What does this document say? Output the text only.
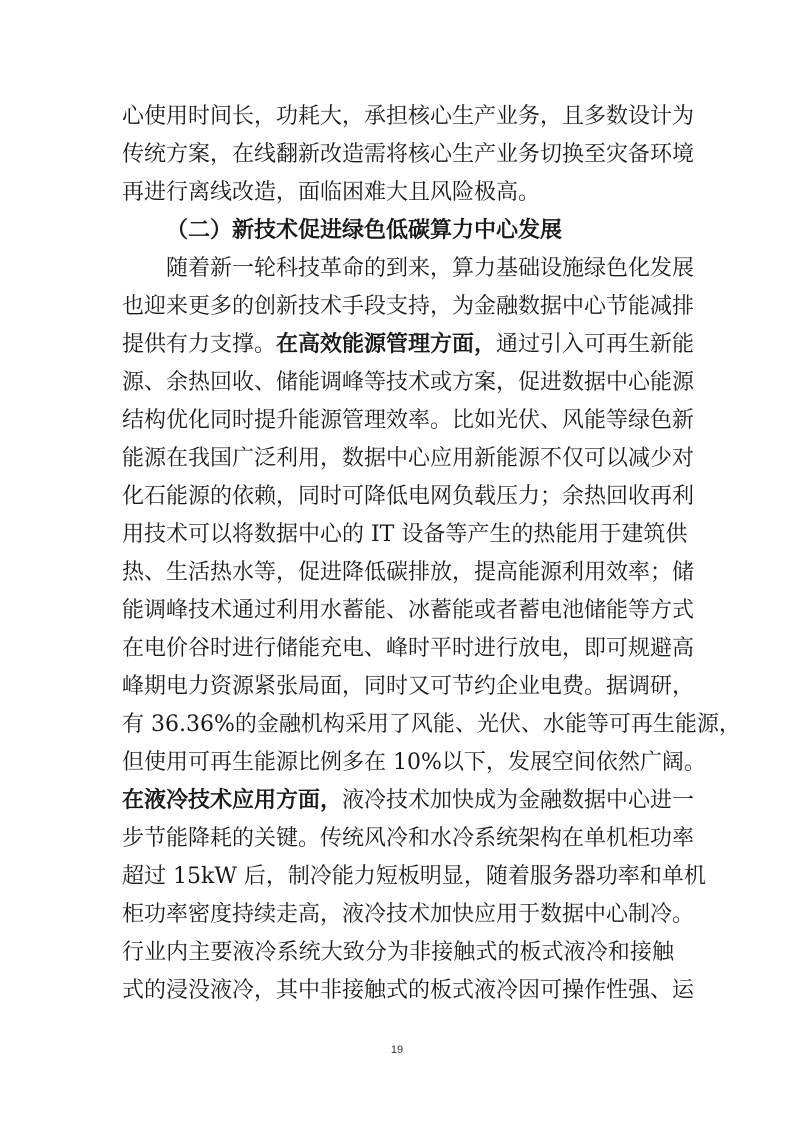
心使用时间长，功耗大，承担核心生产业务，且多数设计为
传统方案，在线翻新改造需将核心生产业务切换至灾备环境
再进行离线改造，面临困难大且风险极高。
（二）新技术促进绿色低碳算力中心发展
随着新一轮科技革命的到来，算力基础设施绿色化发展
也迎来更多的创新技术手段支持，为金融数据中心节能减排
提供有力支撑。在高效能源管理方面，通过引入可再生新能
源、余热回收、储能调峰等技术或方案，促进数据中心能源
结构优化同时提升能源管理效率。比如光伏、风能等绿色新
能源在我国广泛利用，数据中心应用新能源不仅可以减少对
化石能源的依赖，同时可降低电网负载压力；余热回收再利
用技术可以将数据中心的 IT 设备等产生的热能用于建筑供
热、生活热水等，促进降低碳排放，提高能源利用效率；储
能调峰技术通过利用水蓄能、冰蓄能或者蓄电池储能等方式
在电价谷时进行储能充电、峰时平时进行放电，即可规避高
峰期电力资源紧张局面，同时又可节约企业电费。据调研，
有 36.36%的金融机构采用了风能、光伏、水能等可再生能源，
但使用可再生能源比例多在 10%以下，发展空间依然广阔。
在液冷技术应用方面，液冷技术加快成为金融数据中心进一
步节能降耗的关键。传统风冷和水冷系统架构在单机柜功率
超过 15kW 后，制冷能力短板明显，随着服务器功率和单机
柜功率密度持续走高，液冷技术加快应用于数据中心制冷。
行业内主要液冷系统大致分为非接触式的板式液冷和接触
式的浸没液冷，其中非接触式的板式液冷因可操作性强、运
19
